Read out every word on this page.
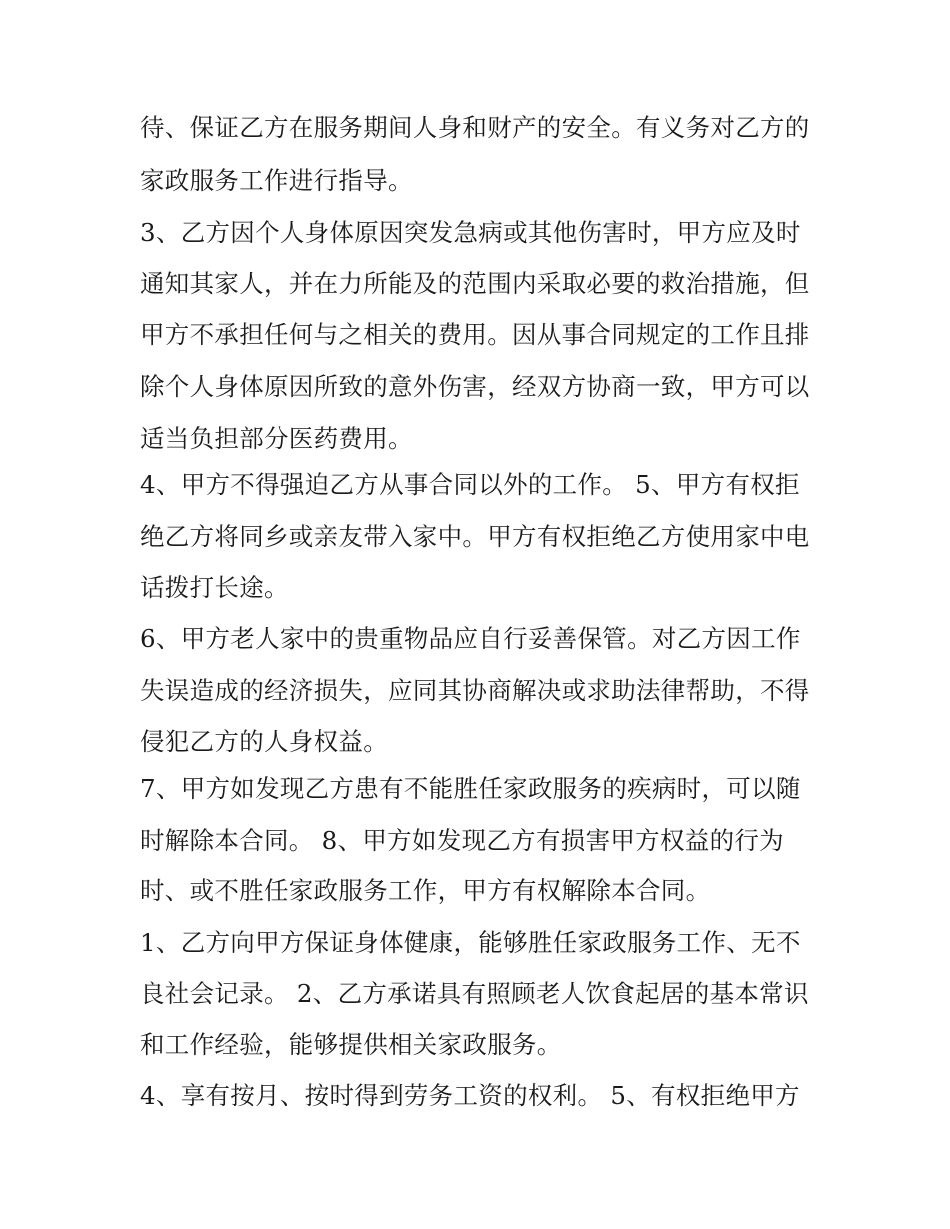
待、保证乙方在服务期间人身和财产的安全。有义务对乙方的
家政服务工作进行指导。
3、乙方因个人身体原因突发急病或其他伤害时，甲方应及时
通知其家人，并在力所能及的范围内采取必要的救治措施，但
甲方不承担任何与之相关的费用。因从事合同规定的工作且排
除个人身体原因所致的意外伤害，经双方协商一致，甲方可以
适当负担部分医药费用。
4、甲方不得强迫乙方从事合同以外的工作。 5、甲方有权拒
绝乙方将同乡或亲友带入家中。甲方有权拒绝乙方使用家中电
话拨打长途。
6、甲方老人家中的贵重物品应自行妥善保管。对乙方因工作
失误造成的经济损失，应同其协商解决或求助法律帮助，不得
侵犯乙方的人身权益。
7、甲方如发现乙方患有不能胜任家政服务的疾病时，可以随
时解除本合同。 8、甲方如发现乙方有损害甲方权益的行为
时、或不胜任家政服务工作，甲方有权解除本合同。
1、乙方向甲方保证身体健康，能够胜任家政服务工作、无不
良社会记录。 2、乙方承诺具有照顾老人饮食起居的基本常识
和工作经验，能够提供相关家政服务。
4、享有按月、按时得到劳务工资的权利。 5、有权拒绝甲方
